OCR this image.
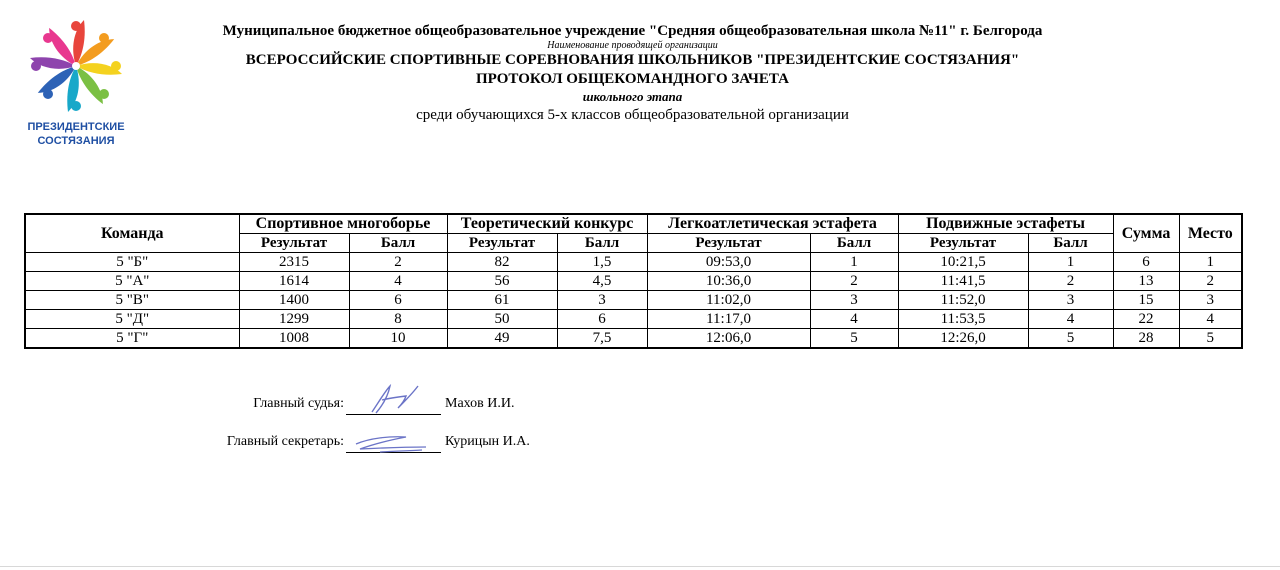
ПРЕЗИДЕНТСКИЕ
СОСТЯЗАНИЯ
Муниципальное бюджетное общеобразовательное учреждение "Средняя общеобразовательная школа №11" г. Белгорода
Наименование проводящей организации
ВСЕРОССИЙСКИЕ СПОРТИВНЫЕ СОРЕВНОВАНИЯ ШКОЛЬНИКОВ "ПРЕЗИДЕНТСКИЕ СОСТЯЗАНИЯ"
ПРОТОКОЛ ОБЩЕКОМАНДНОГО ЗАЧЕТА
школьного этапа
среди обучающихся 5-х классов общеобразовательной организации
Команда	Спортивное многоборье		Теоретический конкурс		Легкоатлетическая эстафета		Подвижные эстафеты		Сумма	Место
	Результат	Балл	Результат	Балл	Результат	Балл	Результат	Балл		
5 "Б"	2315	2	82	1,5	09:53,0	1	10:21,5	1	6	1
5 "А"	1614	4	56	4,5	10:36,0	2	11:41,5	2	13	2
5 "В"	1400	6	61	3	11:02,0	3	11:52,0	3	15	3
5 "Д"	1299	8	50	6	11:17,0	4	11:53,5	4	22	4
5 "Г"	1008	10	49	7,5	12:06,0	5	12:26,0	5	28	5
Главный судья:	Махов И.И.
Главный секретарь:	Курицын И.А.
